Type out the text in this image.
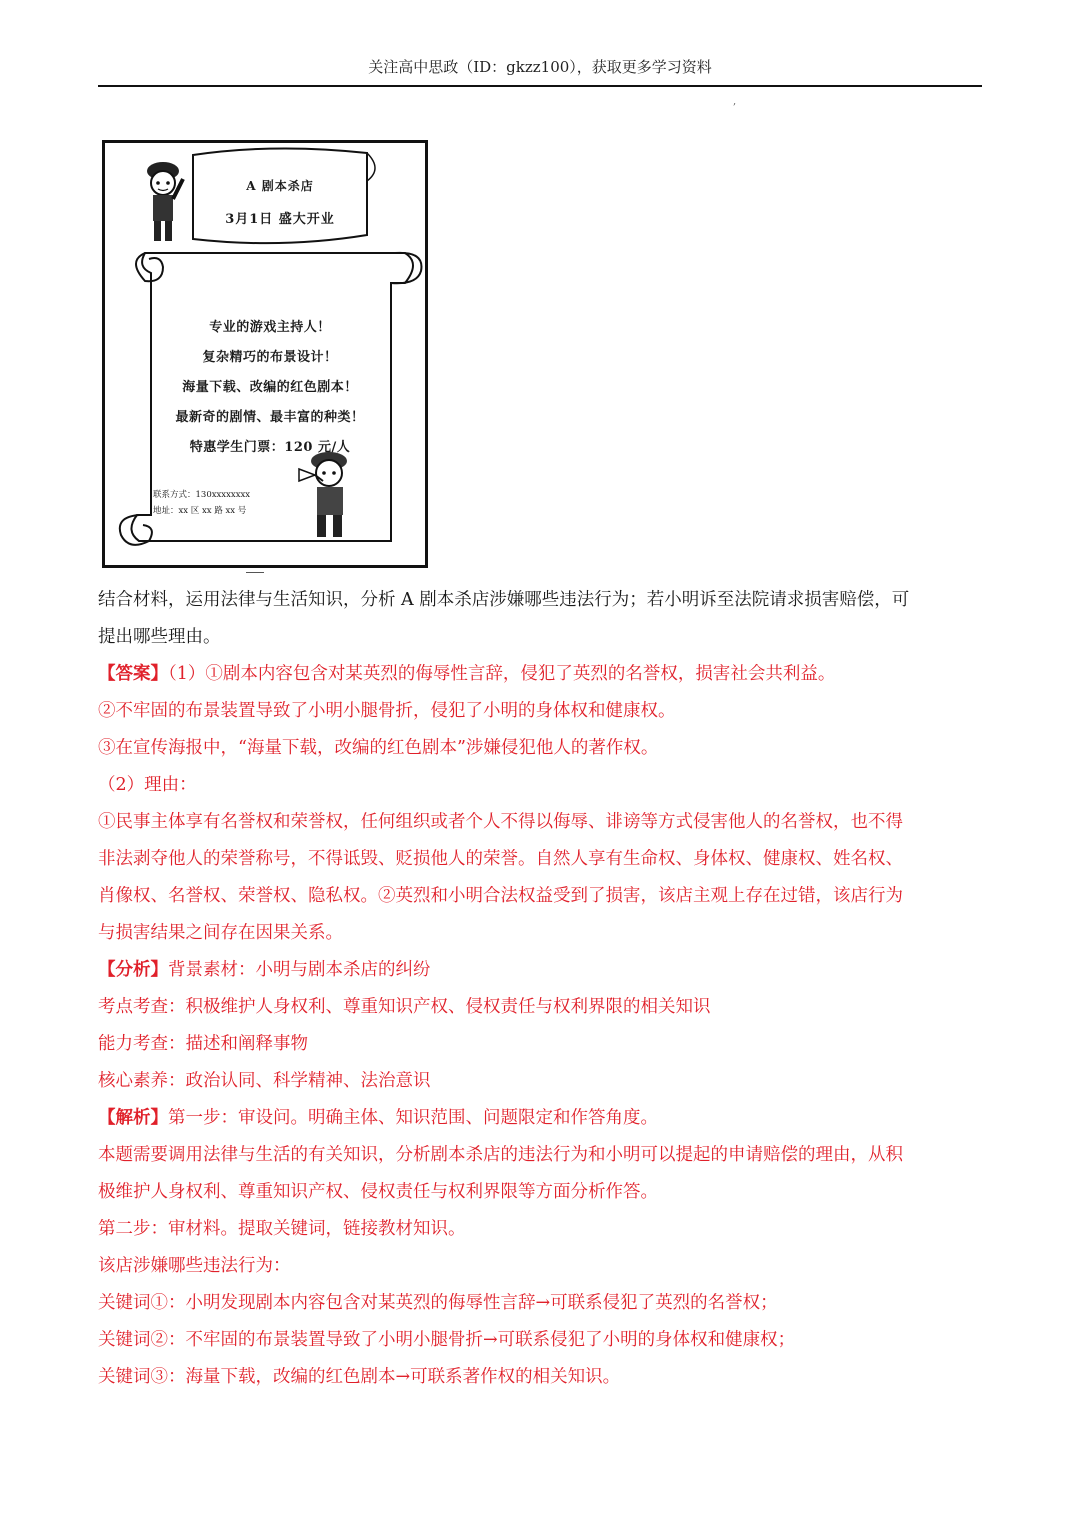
关注高中思政（ID：gkzz100），获取更多学习资料
,
A 剧本杀店
3月1日 盛大开业
专业的游戏主持人！
复杂精巧的布景设计！
海量下载、改编的红色剧本！
最新奇的剧情、最丰富的种类！
特惠学生门票：120 元/人
联系方式：130xxxxxxxx
地址：xx 区 xx 路 xx 号

结合材料，运用法律与生活知识，分析 A 剧本杀店涉嫌哪些违法行为；若小明诉至法院请求损害赔偿，可

提出哪些理由。

【答案】（1）①剧本内容包含对某英烈的侮辱性言辞，侵犯了英烈的名誉权，损害社会共利益。

②不牢固的布景装置导致了小明小腿骨折，侵犯了小明的身体权和健康权。

③在宣传海报中，“海量下载，改编的红色剧本”涉嫌侵犯他人的著作权。

（2）理由：

①民事主体享有名誉权和荣誉权，任何组织或者个人不得以侮辱、诽谤等方式侵害他人的名誉权，也不得

非法剥夺他人的荣誉称号，不得诋毁、贬损他人的荣誉。自然人享有生命权、身体权、健康权、姓名权、

肖像权、名誉权、荣誉权、隐私权。②英烈和小明合法权益受到了损害，该店主观上存在过错，该店行为

与损害结果之间存在因果关系。

【分析】背景素材：小明与剧本杀店的纠纷

考点考查：积极维护人身权利、尊重知识产权、侵权责任与权利界限的相关知识

能力考查：描述和阐释事物

核心素养：政治认同、科学精神、法治意识

【解析】第一步：审设问。明确主体、知识范围、问题限定和作答角度。

本题需要调用法律与生活的有关知识，分析剧本杀店的违法行为和小明可以提起的申请赔偿的理由，从积

极维护人身权利、尊重知识产权、侵权责任与权利界限等方面分析作答。

第二步：审材料。提取关键词，链接教材知识。

该店涉嫌哪些违法行为：

关键词①：小明发现剧本内容包含对某英烈的侮辱性言辞→可联系侵犯了英烈的名誉权；

关键词②：不牢固的布景装置导致了小明小腿骨折→可联系侵犯了小明的身体权和健康权；

关键词③：海量下载，改编的红色剧本→可联系著作权的相关知识。
